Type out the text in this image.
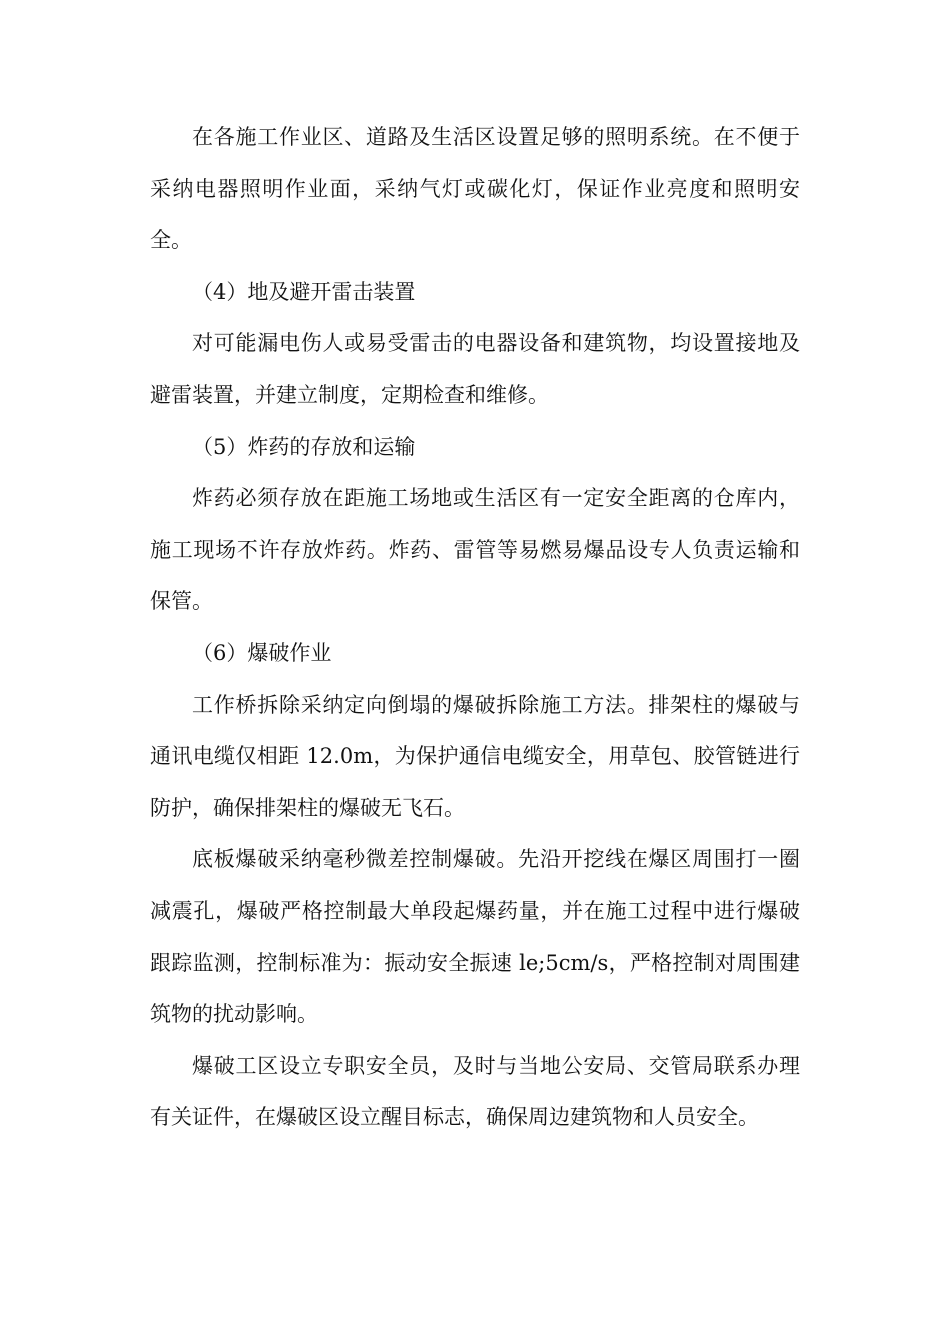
在各施工作业区、道路及生活区设置足够的照明系统。在不便于采纳电器照明作业面，采纳气灯或碳化灯，保证作业亮度和照明安全。

（4）地及避开雷击装置

对可能漏电伤人或易受雷击的电器设备和建筑物，均设置接地及避雷装置，并建立制度，定期检查和维修。

（5）炸药的存放和运输

炸药必须存放在距施工场地或生活区有一定安全距离的仓库内，施工现场不许存放炸药。炸药、雷管等易燃易爆品设专人负责运输和保管。

（6）爆破作业

工作桥拆除采纳定向倒塌的爆破拆除施工方法。排架柱的爆破与通讯电缆仅相距 12.0m，为保护通信电缆安全，用草包、胶管链进行防护，确保排架柱的爆破无飞石。

底板爆破采纳毫秒微差控制爆破。先沿开挖线在爆区周围打一圈减震孔，爆破严格控制最大单段起爆药量，并在施工过程中进行爆破跟踪监测，控制标准为：振动安全振速 le;5cm/s，严格控制对周围建筑物的扰动影响。

爆破工区设立专职安全员，及时与当地公安局、交管局联系办理有关证件，在爆破区设立醒目标志，确保周边建筑物和人员安全。
